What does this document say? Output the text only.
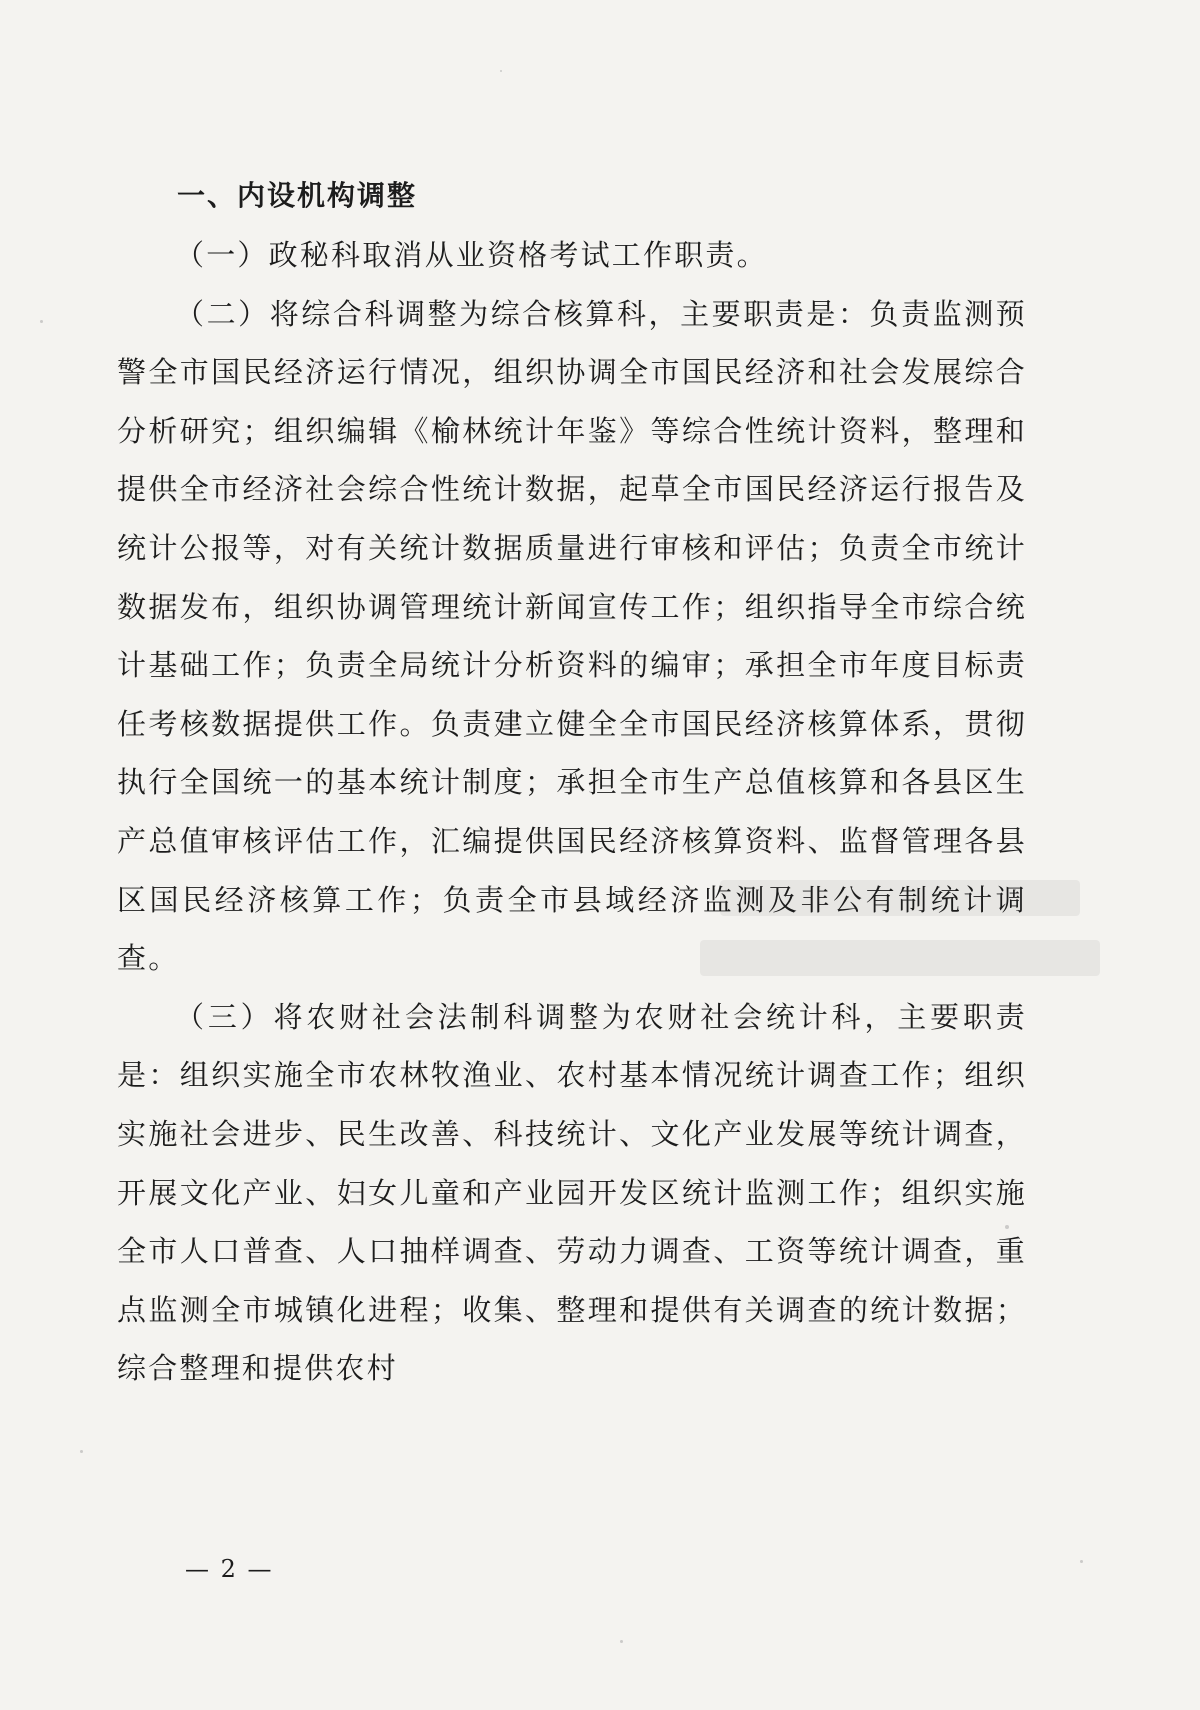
一、内设机构调整

（一）政秘科取消从业资格考试工作职责。

（二）将综合科调整为综合核算科，主要职责是：负责监测预警全市国民经济运行情况，组织协调全市国民经济和社会发展综合分析研究；组织编辑《榆林统计年鉴》等综合性统计资料，整理和提供全市经济社会综合性统计数据，起草全市国民经济运行报告及统计公报等，对有关统计数据质量进行审核和评估；负责全市统计数据发布，组织协调管理统计新闻宣传工作；组织指导全市综合统计基础工作；负责全局统计分析资料的编审；承担全市年度目标责任考核数据提供工作。负责建立健全全市国民经济核算体系，贯彻执行全国统一的基本统计制度；承担全市生产总值核算和各县区生产总值审核评估工作，汇编提供国民经济核算资料、监督管理各县区国民经济核算工作；负责全市县域经济监测及非公有制统计调查。

（三）将农财社会法制科调整为农财社会统计科，主要职责是：组织实施全市农林牧渔业、农村基本情况统计调查工作；组织实施社会进步、民生改善、科技统计、文化产业发展等统计调查，开展文化产业、妇女儿童和产业园开发区统计监测工作；组织实施全市人口普查、人口抽样调查、劳动力调查、工资等统计调查，重点监测全市城镇化进程；收集、整理和提供有关调查的统计数据；综合整理和提供农村

— 2 —
